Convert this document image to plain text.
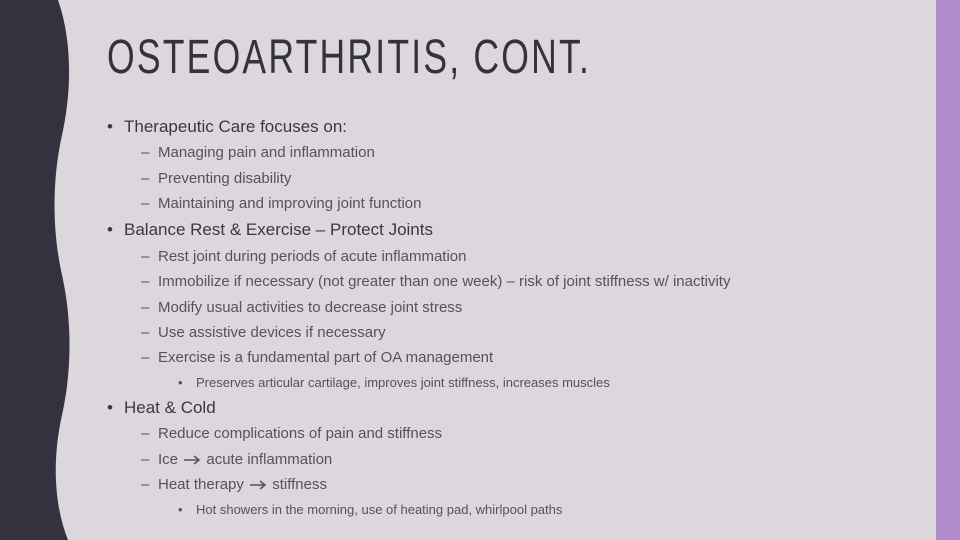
OSTEOARTHRITIS, CONT.
• Therapeutic Care focuses on:
– Managing pain and inflammation
– Preventing disability
– Maintaining and improving joint function
• Balance Rest & Exercise – Protect Joints
– Rest joint during periods of acute inflammation
– Immobilize if necessary (not greater than one week) – risk of joint stiffness w/ inactivity
– Modify usual activities to decrease joint stress
– Use assistive devices if necessary
– Exercise is a fundamental part of OA management
• Preserves articular cartilage, improves joint stiffness, increases muscles
• Heat & Cold
– Reduce complications of pain and stiffness
– Ice acute inflammation
– Heat therapy stiffness
• Hot showers in the morning, use of heating pad, whirlpool paths
